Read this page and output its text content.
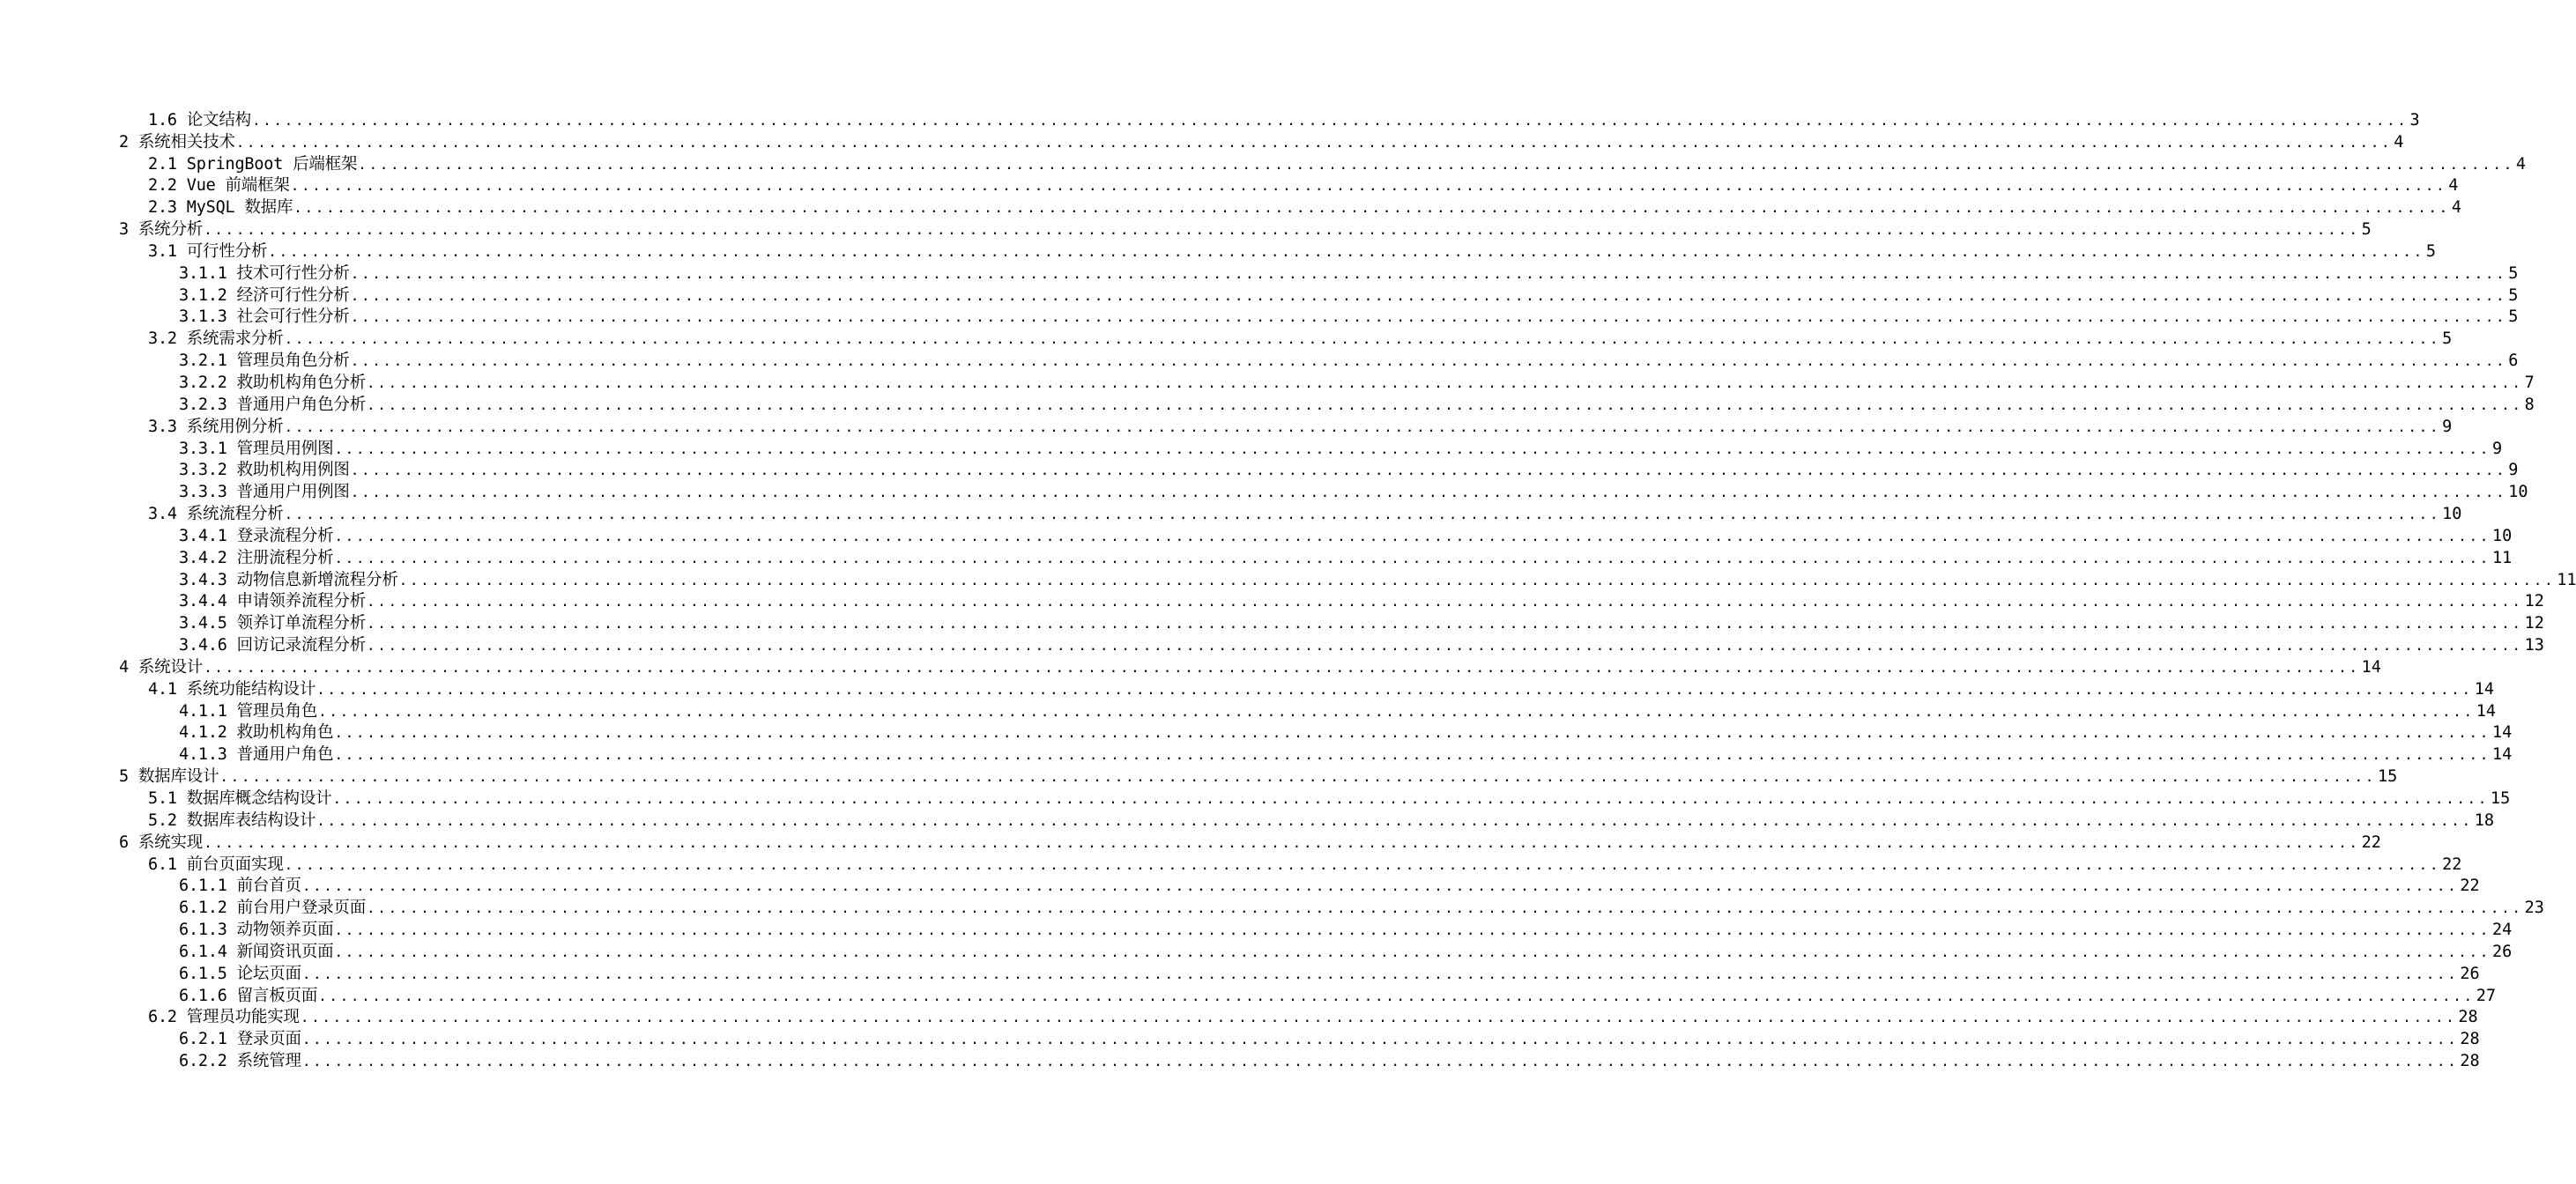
1.6 论文结构 ........................................................................................................................................................................................................ 3
2 系统相关技术 ........................................................................................................................................................................................................ 4
2.1 SpringBoot 后端框架 ........................................................................................................................................................................................................ 4
2.2 Vue 前端框架 ........................................................................................................................................................................................................ 4
2.3 MySQL 数据库 ........................................................................................................................................................................................................ 4
3 系统分析 ........................................................................................................................................................................................................ 5
3.1 可行性分析 ........................................................................................................................................................................................................ 5
3.1.1 技术可行性分析 ........................................................................................................................................................................................................ 5
3.1.2 经济可行性分析 ........................................................................................................................................................................................................ 5
3.1.3 社会可行性分析 ........................................................................................................................................................................................................ 5
3.2 系统需求分析 ........................................................................................................................................................................................................ 5
3.2.1 管理员角色分析 ........................................................................................................................................................................................................ 6
3.2.2 救助机构角色分析 ........................................................................................................................................................................................................ 7
3.2.3 普通用户角色分析 ........................................................................................................................................................................................................ 8
3.3 系统用例分析 ........................................................................................................................................................................................................ 9
3.3.1 管理员用例图 ........................................................................................................................................................................................................ 9
3.3.2 救助机构用例图 ........................................................................................................................................................................................................ 9
3.3.3 普通用户用例图 ........................................................................................................................................................................................................ 10
3.4 系统流程分析 ........................................................................................................................................................................................................ 10
3.4.1 登录流程分析 ........................................................................................................................................................................................................ 10
3.4.2 注册流程分析 ........................................................................................................................................................................................................ 11
3.4.3 动物信息新增流程分析 ........................................................................................................................................................................................................ 11
3.4.4 申请领养流程分析 ........................................................................................................................................................................................................ 12
3.4.5 领养订单流程分析 ........................................................................................................................................................................................................ 12
3.4.6 回访记录流程分析 ........................................................................................................................................................................................................ 13
4 系统设计 ........................................................................................................................................................................................................ 14
4.1 系统功能结构设计 ........................................................................................................................................................................................................ 14
4.1.1 管理员角色 ........................................................................................................................................................................................................ 14
4.1.2 救助机构角色 ........................................................................................................................................................................................................ 14
4.1.3 普通用户角色 ........................................................................................................................................................................................................ 14
5 数据库设计 ........................................................................................................................................................................................................ 15
5.1 数据库概念结构设计 ........................................................................................................................................................................................................ 15
5.2 数据库表结构设计 ........................................................................................................................................................................................................ 18
6 系统实现 ........................................................................................................................................................................................................ 22
6.1 前台页面实现 ........................................................................................................................................................................................................ 22
6.1.1 前台首页 ........................................................................................................................................................................................................ 22
6.1.2 前台用户登录页面 ........................................................................................................................................................................................................ 23
6.1.3 动物领养页面 ........................................................................................................................................................................................................ 24
6.1.4 新闻资讯页面 ........................................................................................................................................................................................................ 26
6.1.5 论坛页面 ........................................................................................................................................................................................................ 26
6.1.6 留言板页面 ........................................................................................................................................................................................................ 27
6.2 管理员功能实现 ........................................................................................................................................................................................................ 28
6.2.1 登录页面 ........................................................................................................................................................................................................ 28
6.2.2 系统管理 ........................................................................................................................................................................................................ 28
